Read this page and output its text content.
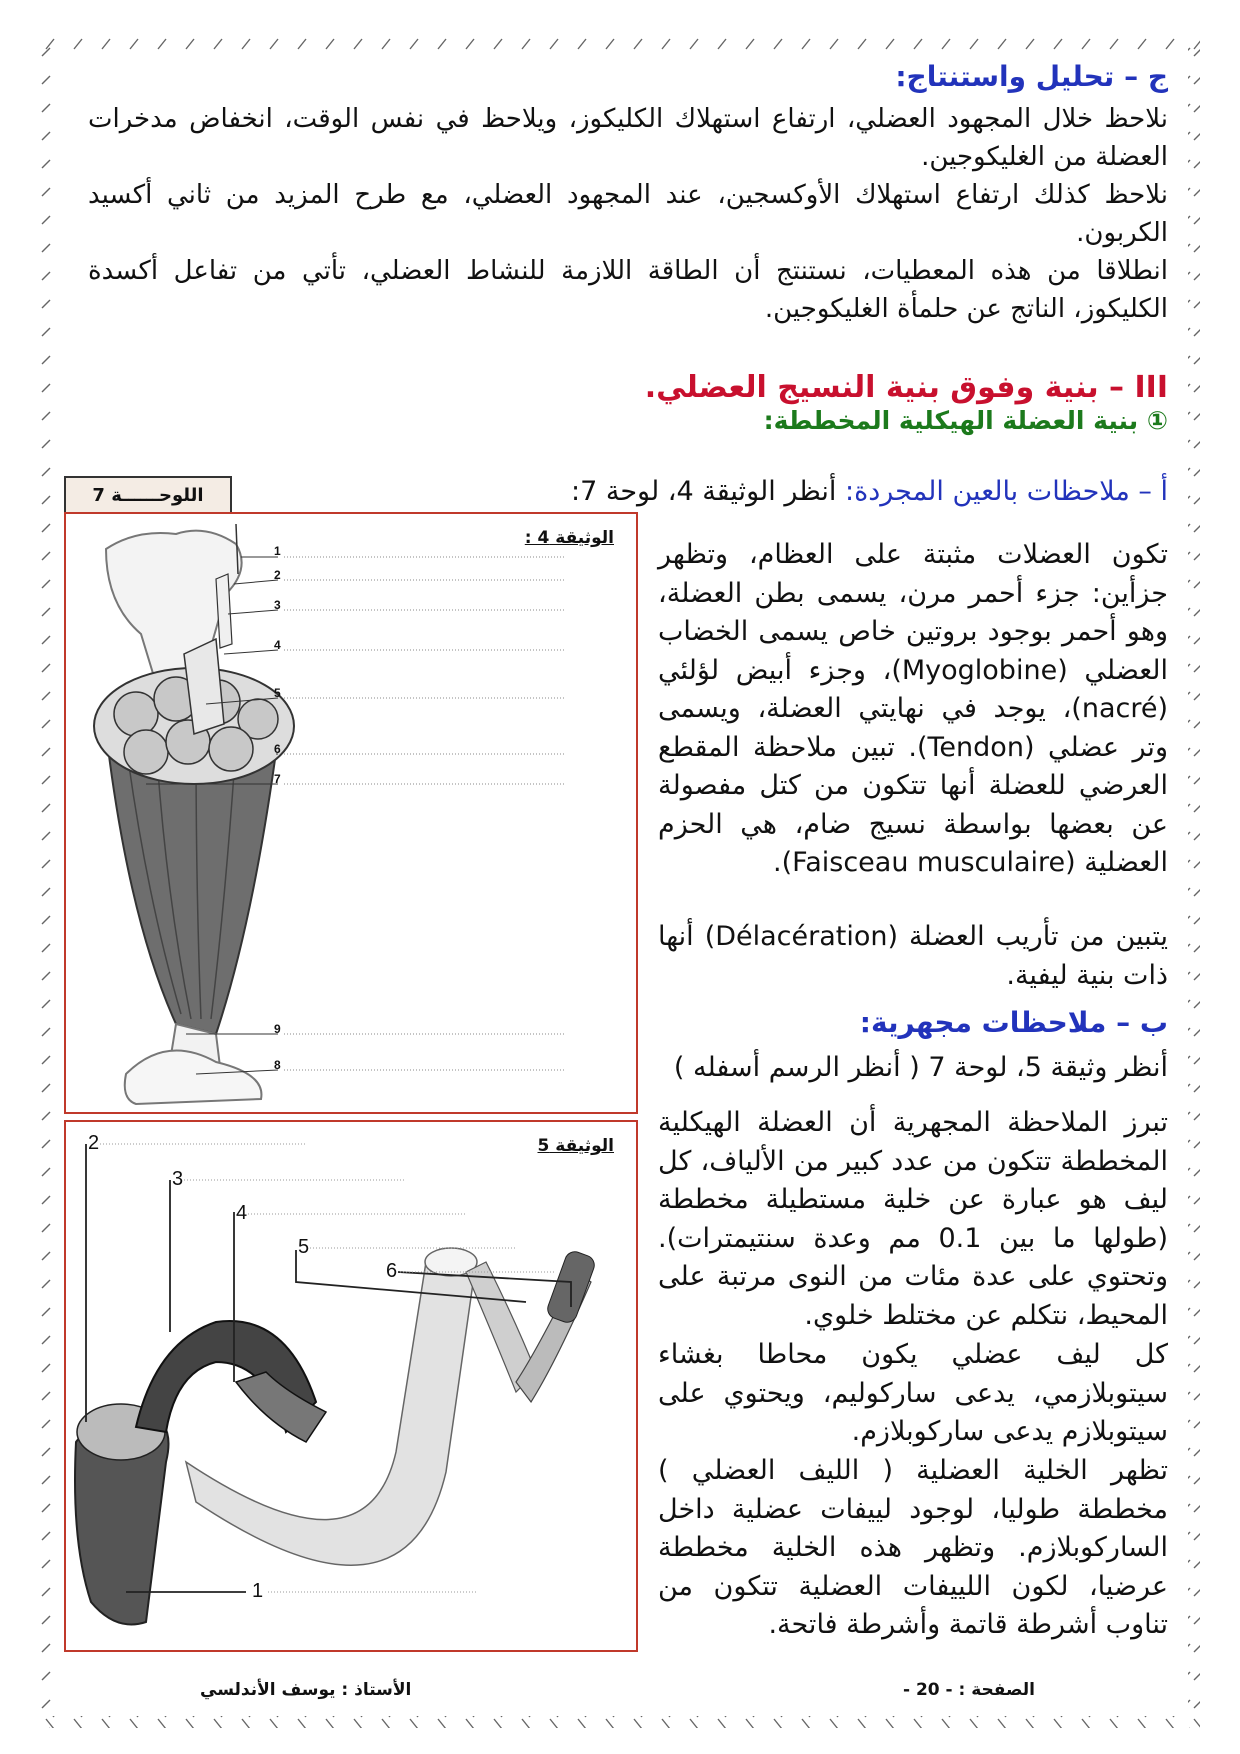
ج – تحليل واستنتاج:
نلاحظ خلال المجهود العضلي، ارتفاع استهلاك الكليكوز، ويلاحظ في نفس الوقت، انخفاض مدخرات العضلة من الغليكوجين.
نلاحظ كذلك ارتفاع استهلاك الأوكسجين، عند المجهود العضلي، مع طرح المزيد من ثاني أكسيد الكربون.
انطلاقا من هذه المعطيات، نستنتج أن الطاقة اللازمة للنشاط العضلي، تأتي من تفاعل أكسدة الكليكوز، الناتج عن حلمأة الغليكوجين.
III – بنية وفوق بنية النسيج العضلي.
① بنية العضلة الهيكلية المخططة:
اللوحــــــة 7	أ – ملاحظات بالعين المجردة: أنظر الوثيقة 4، لوحة 7:
تكون العضلات مثبتة على العظام، وتظهر جزأين: جزء أحمر مرن، يسمى بطن العضلة، وهو أحمر بوجود بروتين خاص يسمى الخضاب العضلي (Myoglobine)، وجزء أبيض لؤلئي (nacré)، يوجد في نهايتي العضلة، ويسمى وتر عضلي (Tendon). تبين ملاحظة المقطع العرضي للعضلة أنها تتكون من كتل مفصولة عن بعضها بواسطة نسيج ضام، هي الحزم العضلية (Faisceau musculaire).
يتبين من تأريب العضلة (Délacération) أنها ذات بنية ليفية.
ب – ملاحظات مجهرية:
أنظر وثيقة 5، لوحة 7 ( أنظر الرسم أسفله )
تبرز الملاحظة المجهرية أن العضلة الهيكلية المخططة تتكون من عدد كبير من الألياف، كل ليف هو عبارة عن خلية مستطيلة مخططة (طولها ما بين 0.1 مم وعدة سنتيمترات). وتحتوي على عدة مئات من النوى مرتبة على المحيط، نتكلم عن مختلط خلوي.
كل ليف عضلي يكون محاطا بغشاء سيتوبلازمي، يدعى ساركوليم، ويحتوي على سيتوبلازم يدعى ساركوبلازم.
تظهر الخلية العضلية ( الليف العضلي ) مخططة طوليا، لوجود لييفات عضلية داخل الساركوبلازم. وتظهر هذه الخلية مخططة عرضيا، لكون اللييفات العضلية تتكون من تناوب أشرطة قاتمة وأشرطة فاتحة.
الوثيقة 4 :
1
2
3
4
5
6
7
9
8
الوثيقة 5
2
3
4
5
6
1
الأستاذ : يوسف الأندلسي	الصفحة : - 20 -
